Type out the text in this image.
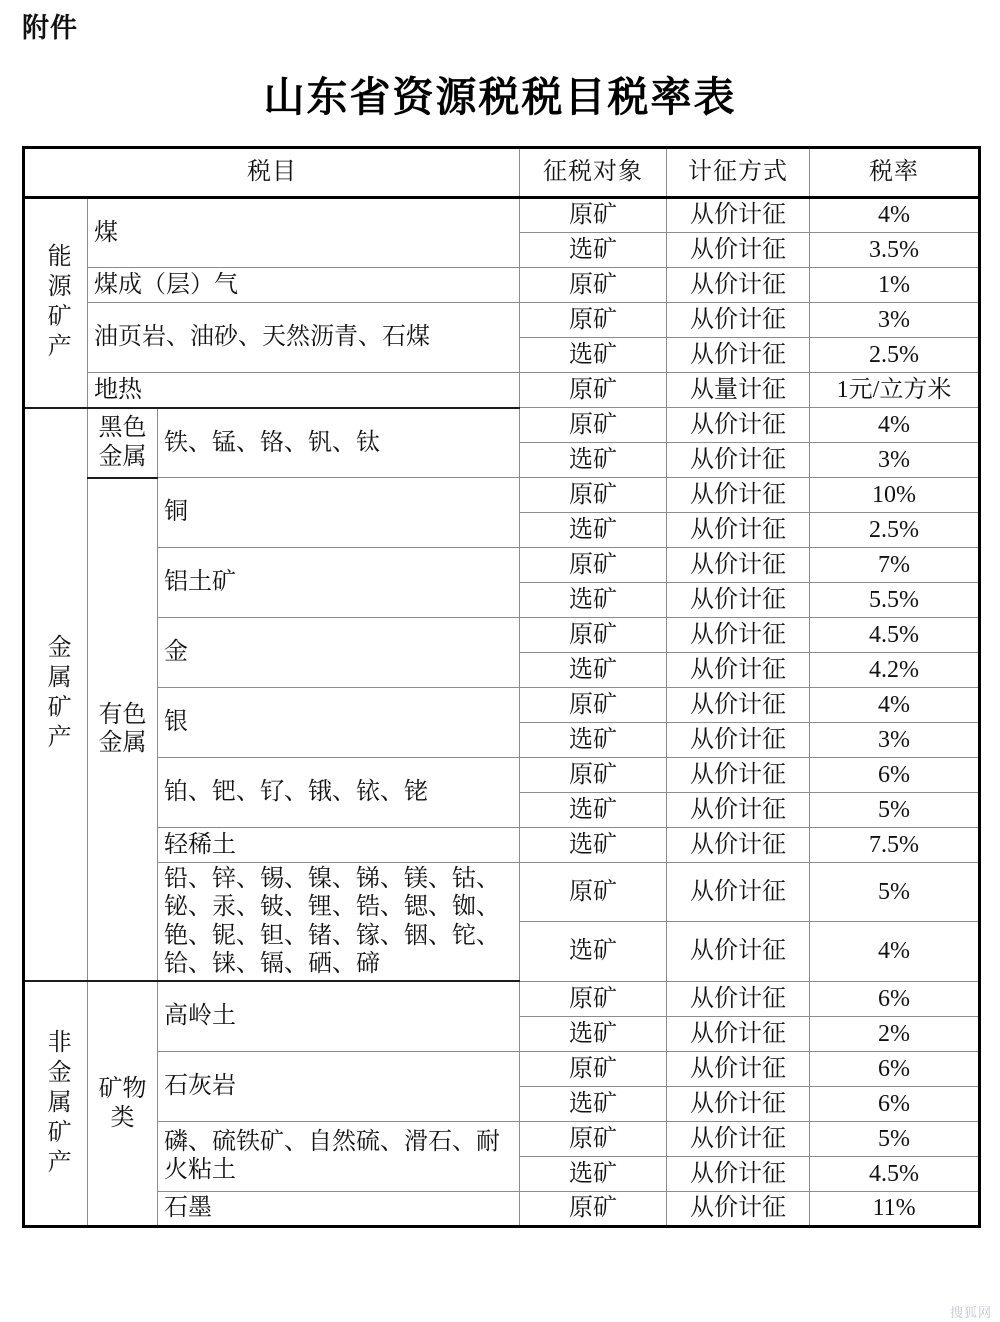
附件
山东省资源税税目税率表
税目			征税对象	计征方式	税率
能源矿产	煤		原矿	从价计征	4%
			选矿	从价计征	3.5%
	煤成（层）气		原矿	从价计征	1%
	油页岩、油砂、天然沥青、石煤		原矿	从价计征	3%
			选矿	从价计征	2.5%
	地热		原矿	从量计征	1元/立方米
金属矿产	黑色金属	铁、锰、铬、钒、钛	原矿	从价计征	4%
			选矿	从价计征	3%
	有色金属	铜	原矿	从价计征	10%
			选矿	从价计征	2.5%
		铝土矿	原矿	从价计征	7%
			选矿	从价计征	5.5%
		金	原矿	从价计征	4.5%
			选矿	从价计征	4.2%
		银	原矿	从价计征	4%
			选矿	从价计征	3%
		铂、钯、钌、锇、铱、铑	原矿	从价计征	6%
			选矿	从价计征	5%
		轻稀土	选矿	从价计征	7.5%
		铅、锌、锡、镍、锑、镁、钴、铋、汞、铍、锂、锆、锶、铷、铯、铌、钽、锗、镓、铟、铊、铪、铼、镉、硒、碲	原矿	从价计征	5%
			选矿	从价计征	4%
非金属矿产	矿物类	高岭土	原矿	从价计征	6%
			选矿	从价计征	2%
		石灰岩	原矿	从价计征	6%
			选矿	从价计征	6%
		磷、硫铁矿、自然硫、滑石、耐火粘土	原矿	从价计征	5%
			选矿	从价计征	4.5%
		石墨	原矿	从价计征	11%
搜狐网
